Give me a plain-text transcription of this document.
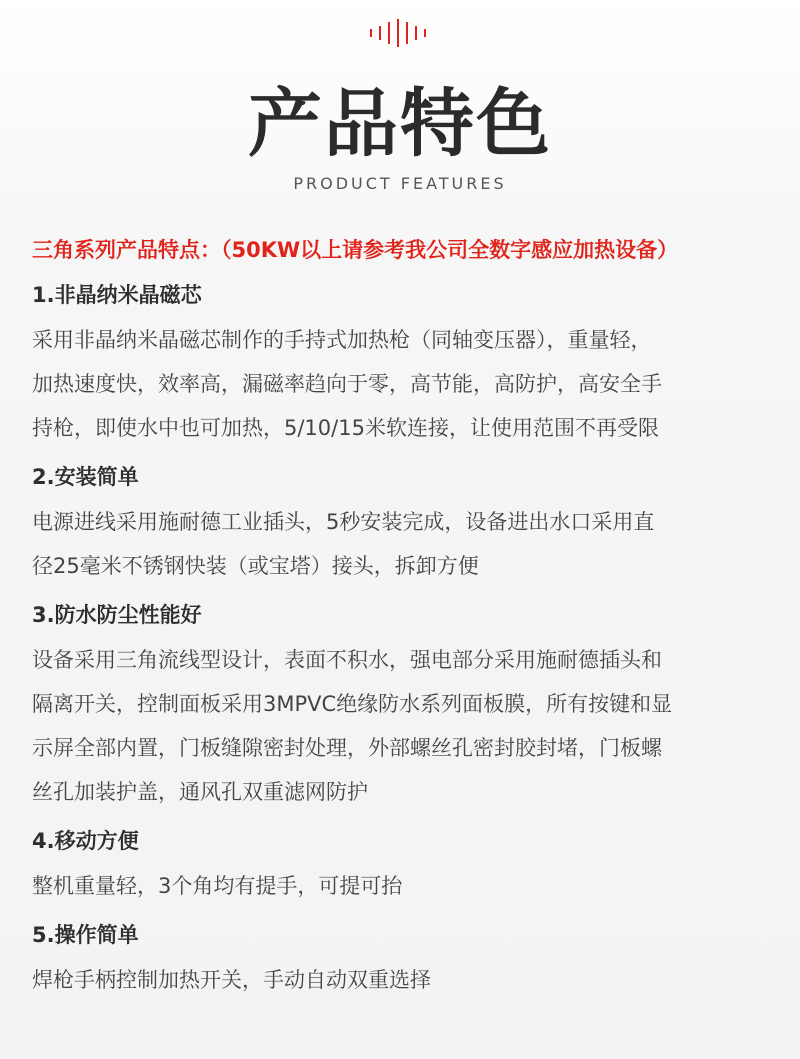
产品特色
PRODUCT FEATURES
三角系列产品特点：（50KW以上请参考我公司全数字感应加热设备）
1.非晶纳米晶磁芯
采用非晶纳米晶磁芯制作的手持式加热枪（同轴变压器），重量轻，
加热速度快，效率高，漏磁率趋向于零，高节能，高防护，高安全手
持枪，即使水中也可加热，5/10/15米软连接，让使用范围不再受限
2.安装简单
电源进线采用施耐德工业插头，5秒安装完成，设备进出水口采用直
径25毫米不锈钢快装（或宝塔）接头，拆卸方便
3.防水防尘性能好
设备采用三角流线型设计，表面不积水，强电部分采用施耐德插头和
隔离开关，控制面板采用3MPVC绝缘防水系列面板膜，所有按键和显
示屏全部内置，门板缝隙密封处理，外部螺丝孔密封胶封堵，门板螺
丝孔加装护盖，通风孔双重滤网防护
4.移动方便
整机重量轻，3个角均有提手，可提可抬
5.操作简单
焊枪手柄控制加热开关，手动自动双重选择
